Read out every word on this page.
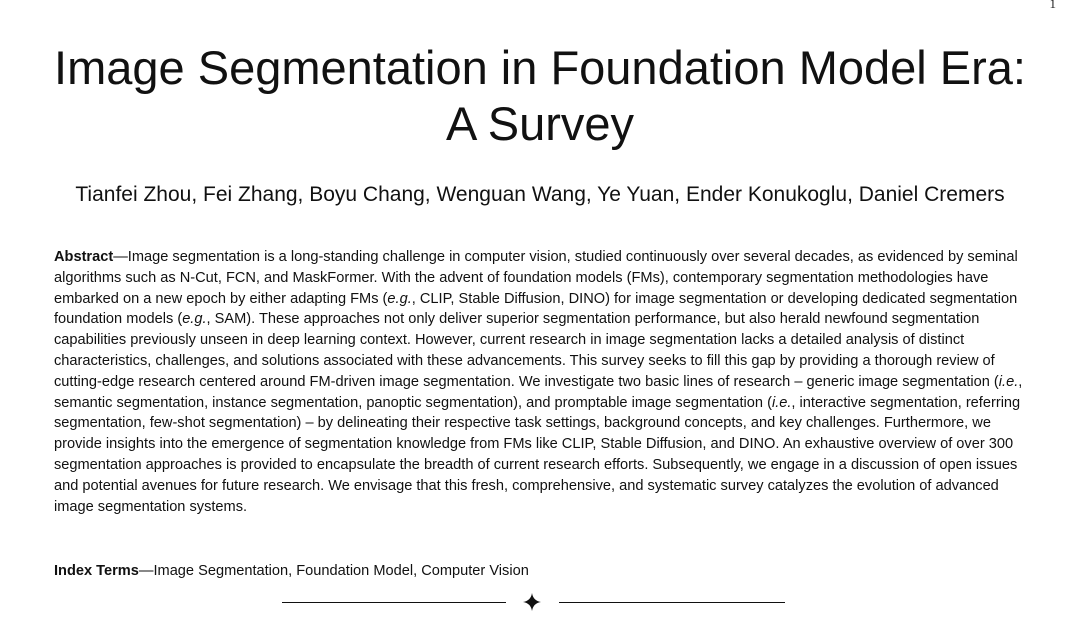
1
Image Segmentation in Foundation Model Era:
A Survey
Tianfei Zhou, Fei Zhang, Boyu Chang, Wenguan Wang, Ye Yuan, Ender Konukoglu, Daniel Cremers

Abstract—Image segmentation is a long-standing challenge in computer vision, studied continuously over several decades, as evidenced by seminal algorithms such as N-Cut, FCN, and MaskFormer. With the advent of foundation models (FMs), contemporary segmentation methodologies have embarked on a new epoch by either adapting FMs (e.g., CLIP, Stable Diffusion, DINO) for image segmentation or developing dedicated segmentation foundation models (e.g., SAM). These approaches not only deliver superior segmentation performance, but also herald newfound segmentation capabilities previously unseen in deep learning context. However, current research in image segmentation lacks a detailed analysis of distinct characteristics, challenges, and solutions associated with these advancements. This survey seeks to fill this gap by providing a thorough review of cutting-edge research centered around FM-driven image segmentation. We investigate two basic lines of research – generic image segmentation (i.e., semantic segmentation, instance segmentation, panoptic segmentation), and promptable image segmentation (i.e., interactive segmentation, referring segmentation, few-shot segmentation) – by delineating their respective task settings, background concepts, and key challenges. Furthermore, we provide insights into the emergence of segmentation knowledge from FMs like CLIP, Stable Diffusion, and DINO. An exhaustive overview of over 300 segmentation approaches is provided to encapsulate the breadth of current research efforts. Subsequently, we engage in a discussion of open issues and potential avenues for future research. We envisage that this fresh, comprehensive, and systematic survey catalyzes the evolution of advanced image segmentation systems.

Index Terms—Image Segmentation, Foundation Model, Computer Vision
